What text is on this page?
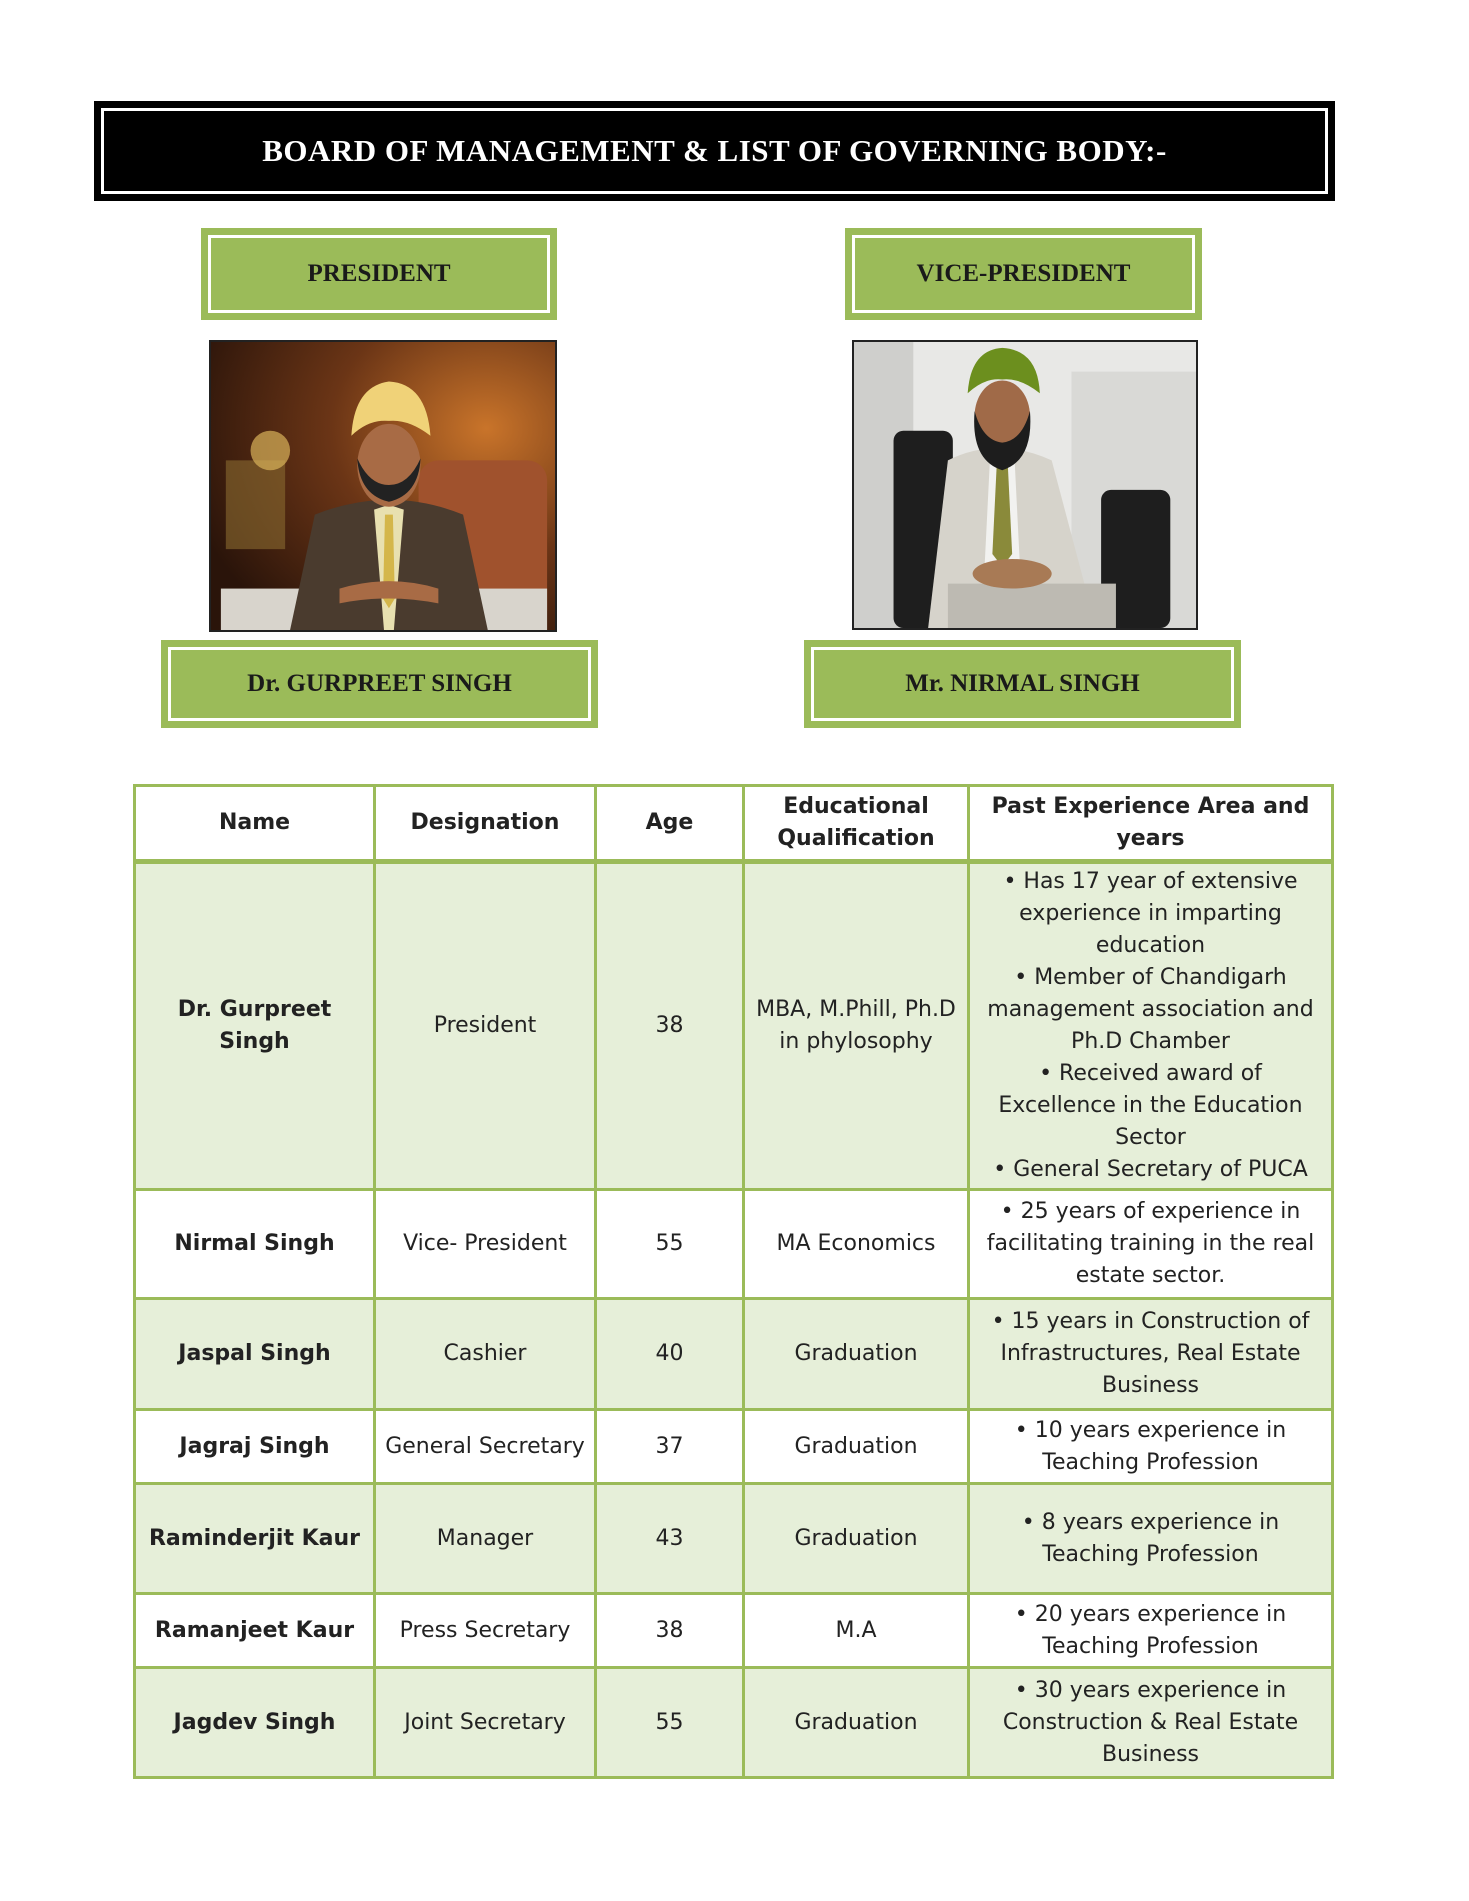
BOARD OF MANAGEMENT & LIST OF GOVERNING BODY:-
PRESIDENT
Dr. GURPREET SINGH
VICE-PRESIDENT
Mr. NIRMAL SINGH
Name	Designation	Age	Educational Qualification	Past Experience Area and years
Dr. Gurpreet Singh	President	38	MBA, M.Phill, Ph.D in phylosophy	• Has 17 year of extensive experience in imparting education
• Member of Chandigarh management association and Ph.D Chamber
• Received award of Excellence in the Education Sector
• General Secretary of PUCA

Nirmal Singh	Vice- President	55	MA Economics	• 25 years of experience in facilitating training in the real estate sector.

Jaspal Singh	Cashier	40	Graduation	• 15 years in Construction of Infrastructures, Real Estate Business

Jagraj Singh	General Secretary	37	Graduation	• 10 years experience in Teaching Profession

Raminderjit Kaur	Manager	43	Graduation	• 8 years experience in Teaching Profession

Ramanjeet Kaur	Press Secretary	38	M.A	• 20 years experience in Teaching Profession

Jagdev Singh	Joint Secretary	55	Graduation	• 30 years experience in Construction & Real Estate Business
